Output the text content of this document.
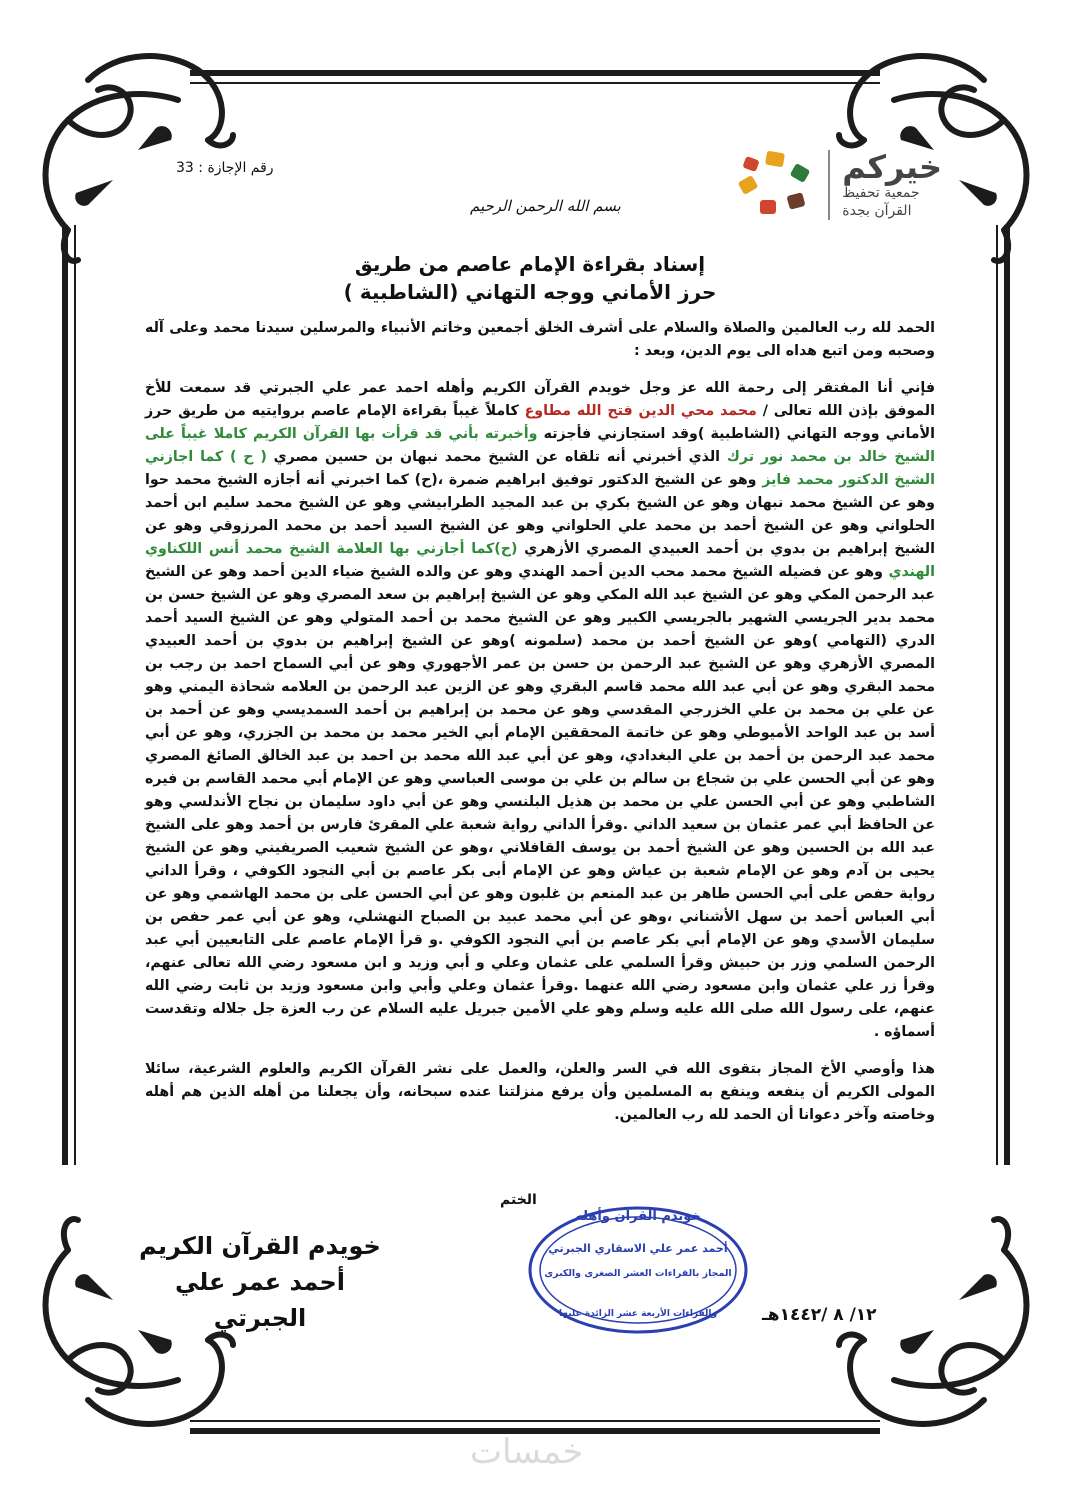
رقم الإجازة : 33
بسم الله الرحمن الرحيم
خيركم
جمعية تحفيظ
القرآن بجدة
إسناد بقراءة الإمام عاصم من طريق
حرز الأماني ووجه التهاني (الشاطبية )

الحمد لله رب العالمين والصلاة والسلام على أشرف الخلق أجمعين وخاتم الأنبياء والمرسلين سيدنا محمد وعلى آله وصحبه ومن اتبع هداه الى يوم الدين، وبعد :

فإني أنا المفتقر إلى رحمة الله عز وجل خويدم القرآن الكريم وأهله احمد عمر علي الجبرتي قد سمعت للأخ الموفق بإذن الله تعالى / محمد محي الدين فتح الله مطاوع كاملاً غيباً بقراءة الإمام عاصم بروايتيه من طريق حرز الأماني ووجه التهاني (الشاطبية )وقد استجازني فأجزته وأخبرته بأني قد قرأت بها القرآن الكريم كاملا غيباً على الشيخ خالد بن محمد نور ترك الذي أخبرني أنه تلقاه عن الشيخ محمد نبهان بن حسين مصري ( ح ) كما اجازني الشيخ الدكتور محمد فايز وهو عن الشيخ الدكتور توفيق ابراهيم ضمرة ،(ح) كما اخبرني أنه أجازه الشيخ محمد حوا وهو عن الشيخ محمد نبهان وهو عن الشيخ بكري بن عبد المجيد الطرابيشي وهو عن الشيخ محمد سليم ابن أحمد الحلواني وهو عن الشيخ أحمد بن محمد علي الحلواني وهو عن الشيخ السيد أحمد بن محمد المرزوقي وهو عن الشيخ إبراهيم بن بدوي بن أحمد العبيدي المصري الأزهري (ح)كما أجازني بها العلامة الشيخ محمد أنس اللكناوي الهندي وهو عن فضيله الشيخ محمد محب الدين أحمد الهندي وهو عن والده الشيخ ضياء الدين أحمد وهو عن الشيخ عبد الرحمن المكي وهو عن الشيخ عبد الله المكي وهو عن الشيخ إبراهيم بن سعد المصري وهو عن الشيخ حسن بن محمد بدير الجريسي الشهير بالجريسي الكبير وهو عن الشيخ محمد بن أحمد المتولي وهو عن الشيخ السيد أحمد الدري (التهامي )وهو عن الشيخ أحمد بن محمد (سلمونه )وهو عن الشيخ إبراهيم بن بدوي بن أحمد العبيدي المصري الأزهري وهو عن الشيخ عبد الرحمن بن حسن بن عمر الأجهوري وهو عن أبي السماح احمد بن رجب بن محمد البقري وهو عن أبي عبد الله محمد قاسم البقري وهو عن الزين عبد الرحمن بن العلامه شحاذة اليمني وهو عن علي بن محمد بن علي الخزرجي المقدسي وهو عن محمد بن إبراهيم بن أحمد السمديسي وهو عن أحمد بن أسد بن عبد الواحد الأميوطي وهو عن خاتمة المحققين الإمام أبي الخير محمد بن محمد بن الجزري، وهو عن أبي محمد عبد الرحمن بن أحمد بن علي البغدادي، وهو عن أبي عبد الله محمد بن احمد بن عبد الخالق الصائغ المصري وهو عن أبي الحسن علي بن شجاع بن سالم بن علي بن موسى العباسي وهو عن الإمام أبي محمد القاسم بن فيره الشاطبي وهو عن أبي الحسن علي بن محمد بن هذيل البلنسي وهو عن أبي داود سليمان بن نجاح الأندلسي وهو عن الحافظ أبي عمر عثمان بن سعيد الداني .وقرأ الداني رواية شعبة علي المقرئ فارس بن أحمد وهو على الشيخ عبد الله بن الحسين وهو عن الشيخ أحمد بن يوسف القافلاني ،وهو عن الشيخ شعيب الصريفيني وهو عن الشيخ يحيى بن آدم وهو عن الإمام شعبة بن عياش وهو عن الإمام أبى بكر عاصم بن أبي النجود الكوفي ، وقرأ الداني رواية حفص على أبي الحسن طاهر بن عبد المنعم بن غلبون وهو عن أبي الحسن على بن محمد الهاشمي وهو عن أبي العباس أحمد بن سهل الأشناني ،وهو عن أبي محمد عبيد بن الصباح النهشلي، وهو عن أبي عمر حفص بن سليمان الأسدي وهو عن الإمام أبي بكر عاصم بن أبي النجود الكوفي .و قرأ الإمام عاصم على التابعيين أبي عبد الرحمن السلمي وزر بن حبيش وقرأ السلمي على عثمان وعلي و أبي وزيد و ابن مسعود رضي الله تعالى عنهم، وقرأ زر علي عثمان وابن مسعود رضي الله عنهما .وقرأ عثمان وعلي وأبي وابن مسعود وزيد بن ثابت رضي الله عنهم، على رسول الله صلى الله عليه وسلم وهو علي الأمين جبريل عليه السلام عن رب العزة جل جلاله وتقدست أسماؤه .

هذا وأوصي الأخ المجاز بتقوى الله في السر والعلن، والعمل على نشر القرآن الكريم والعلوم الشرعية، سائلا المولى الكريم أن ينفعه وينفع به المسلمين وأن يرفع منزلتنا عنده سبحانه، وأن يجعلنا من أهله الذين هم أهله وخاصته وآخر دعوانا أن الحمد لله رب العالمين.

الختم
خويدم القرآن وأهله
أحمد عمر علي الاسقاري الجبرتي
المجاز بالقراءات العشر الصغرى والكبرى
والقراءات الأربعة عشر الزائدة عليها
خويدم القرآن الكريم
أحمد عمر علي الجبرتي	١٢/ ٨ /١٤٤٢هـ
خمسات
